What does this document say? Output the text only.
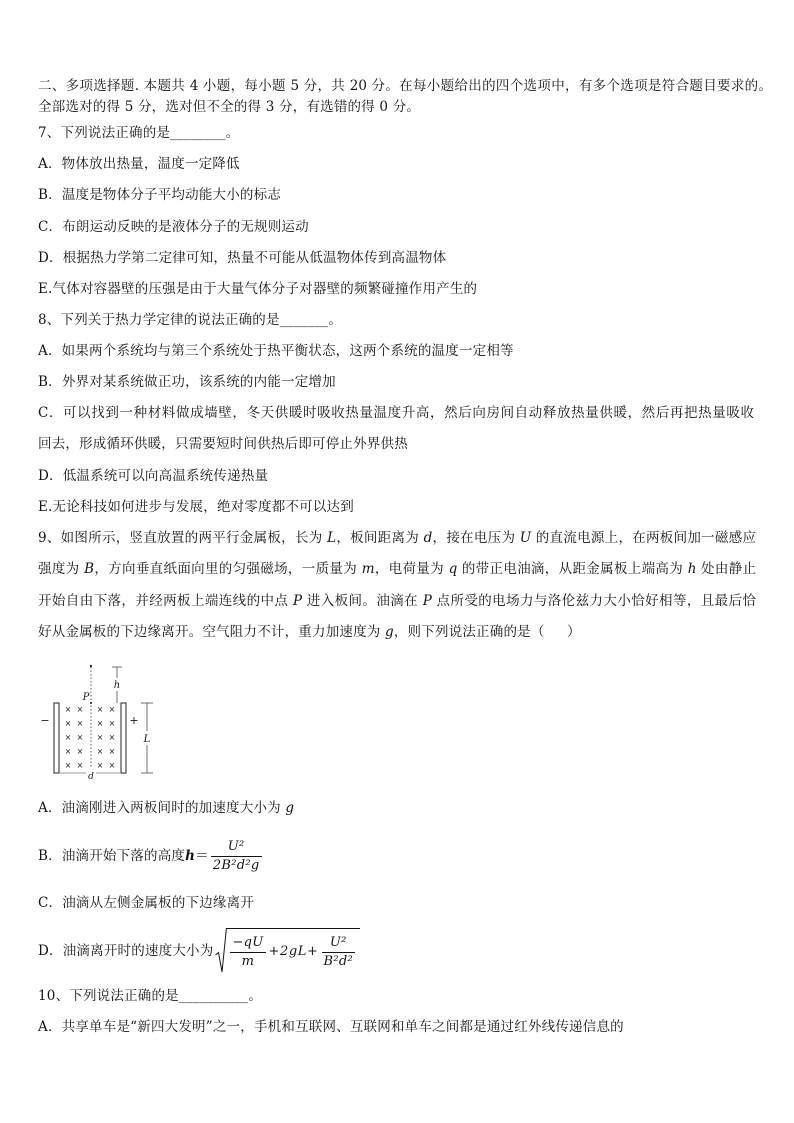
二、多项选择题. 本题共 4 小题，每小题 5 分，共 20 分。在每小题给出的四个选项中，有多个选项是符合题目要求的。
全部选对的得 5 分，选对但不全的得 3 分，有选错的得 0 分。
7、下列说法正确的是________。
A．物体放出热量，温度一定降低
B．温度是物体分子平均动能大小的标志
C．布朗运动反映的是液体分子的无规则运动
D．根据热力学第二定律可知，热量不可能从低温物体传到高温物体
E.气体对容器壁的压强是由于大量气体分子对器壁的频繁碰撞作用产生的
8、下列关于热力学定律的说法正确的是_______。
A．如果两个系统均与第三个系统处于热平衡状态，这两个系统的温度一定相等
B．外界对某系统做正功，该系统的内能一定增加
C．可以找到一种材料做成墙壁，冬天供暖时吸收热量温度升高，然后向房间自动释放热量供暖，然后再把热量吸收
回去，形成循环供暖，只需要短时间供热后即可停止外界供热
D．低温系统可以向高温系统传递热量
E.无论科技如何进步与发展，绝对零度都不可以达到
9、如图所示，竖直放置的两平行金属板，长为 L，板间距离为 d，接在电压为 U 的直流电源上，在两板间加一磁感应
强度为 B，方向垂直纸面向里的匀强磁场，一质量为 m，电荷量为 q 的带正电油滴，从距金属板上端高为 h 处由静止
开始自由下落，并经两板上端连线的中点 P 进入板间。油滴在 P 点所受的电场力与洛伦兹力大小恰好相等，且最后恰
好从金属板的下边缘离开。空气阻力不计，重力加速度为 g，则下列说法正确的是（     ）
h
P
−	+
× × × ×
× × × ×
× × × ×
× × × ×
× × × ×
L
d
A．油滴刚进入两板间时的加速度大小为 g
B．油滴开始下落的高度 $h = \frac{\text{U²}}{\text{2B²d²g}}$
C．油滴从左侧金属板的下边缘离开
D．油滴离开时的速度大小为 $\frac{-qU}{m} +2gL+ \frac{\text{U²}}{\text{B²d²}}$
10、下列说法正确的是__________。
A．共享单车是“新四大发明”之一，手机和互联网、互联网和单车之间都是通过红外线传递信息的
